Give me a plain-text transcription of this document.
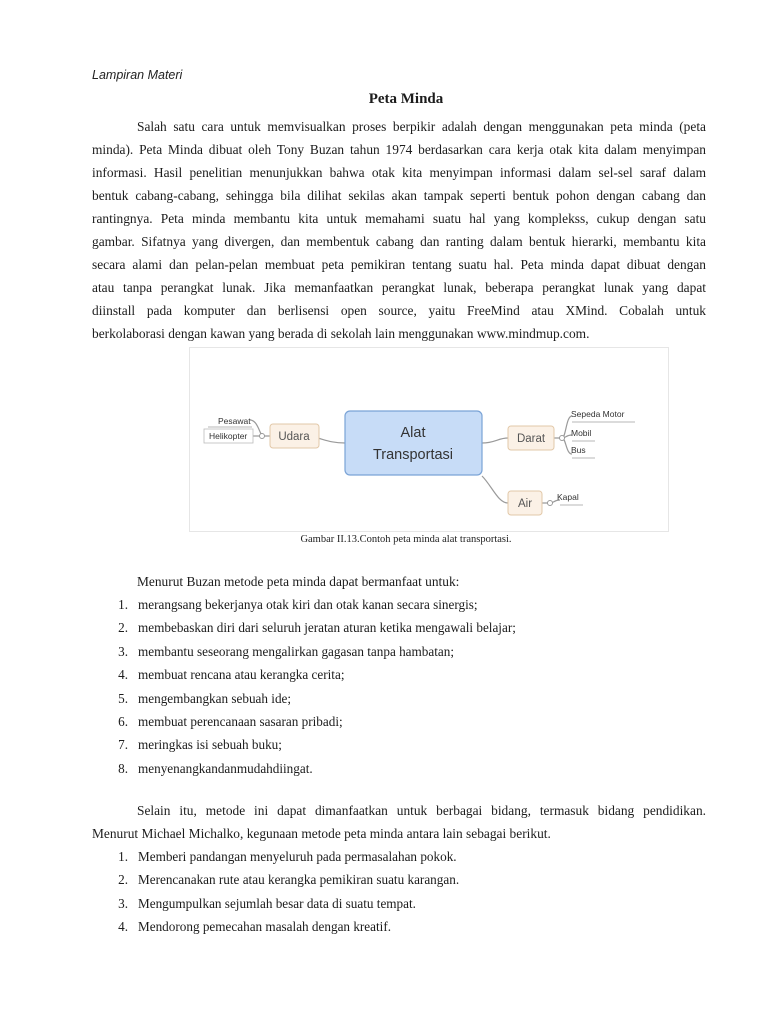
Lampiran Materi
Peta Minda
Salah satu cara untuk memvisualkan proses berpikir adalah dengan menggunakan peta minda (peta
minda). Peta Minda dibuat oleh Tony Buzan tahun 1974 berdasarkan cara kerja otak kita dalam menyimpan
informasi. Hasil penelitian menunjukkan bahwa otak kita menyimpan informasi dalam sel-sel saraf dalam
bentuk cabang-cabang, sehingga bila dilihat sekilas akan tampak seperti bentuk pohon dengan cabang dan
rantingnya. Peta minda membantu kita untuk memahami suatu hal yang komplekss, cukup dengan satu
gambar. Sifatnya yang divergen, dan membentuk cabang dan ranting dalam bentuk hierarki, membantu kita
secara alami dan pelan-pelan membuat peta pemikiran tentang suatu hal. Peta minda dapat dibuat dengan
atau tanpa perangkat lunak. Jika memanfaatkan perangkat lunak, beberapa perangkat lunak yang dapat
diinstall pada komputer dan berlisensi open source, yaitu FreeMind atau XMind. Cobalah untuk
berkolaborasi dengan kawan yang berada di sekolah lain menggunakan www.mindmup.com.
Alat
Transportasi
Udara	Darat
Air
Pesawat
Helikopter
Sepeda Motor
Mobil
Bus
Kapal
Gambar II.13.Contoh peta minda alat transportasi.
Menurut Buzan metode peta minda dapat bermanfaat untuk:
1. merangsang bekerjanya otak kiri dan otak kanan secara sinergis;
2. membebaskan diri dari seluruh jeratan aturan ketika mengawali belajar;
3. membantu seseorang mengalirkan gagasan tanpa hambatan;
4. membuat rencana atau kerangka cerita;
5. mengembangkan sebuah ide;
6. membuat perencanaan sasaran pribadi;
7. meringkas isi sebuah buku;
8. menyenangkandanmudahdiingat.
Selain itu, metode ini dapat dimanfaatkan untuk berbagai bidang, termasuk bidang pendidikan.
Menurut Michael Michalko, kegunaan metode peta minda antara lain sebagai berikut.
1. Memberi pandangan menyeluruh pada permasalahan pokok.
2. Merencanakan rute atau kerangka pemikiran suatu karangan.
3. Mengumpulkan sejumlah besar data di suatu tempat.
4. Mendorong pemecahan masalah dengan kreatif.
